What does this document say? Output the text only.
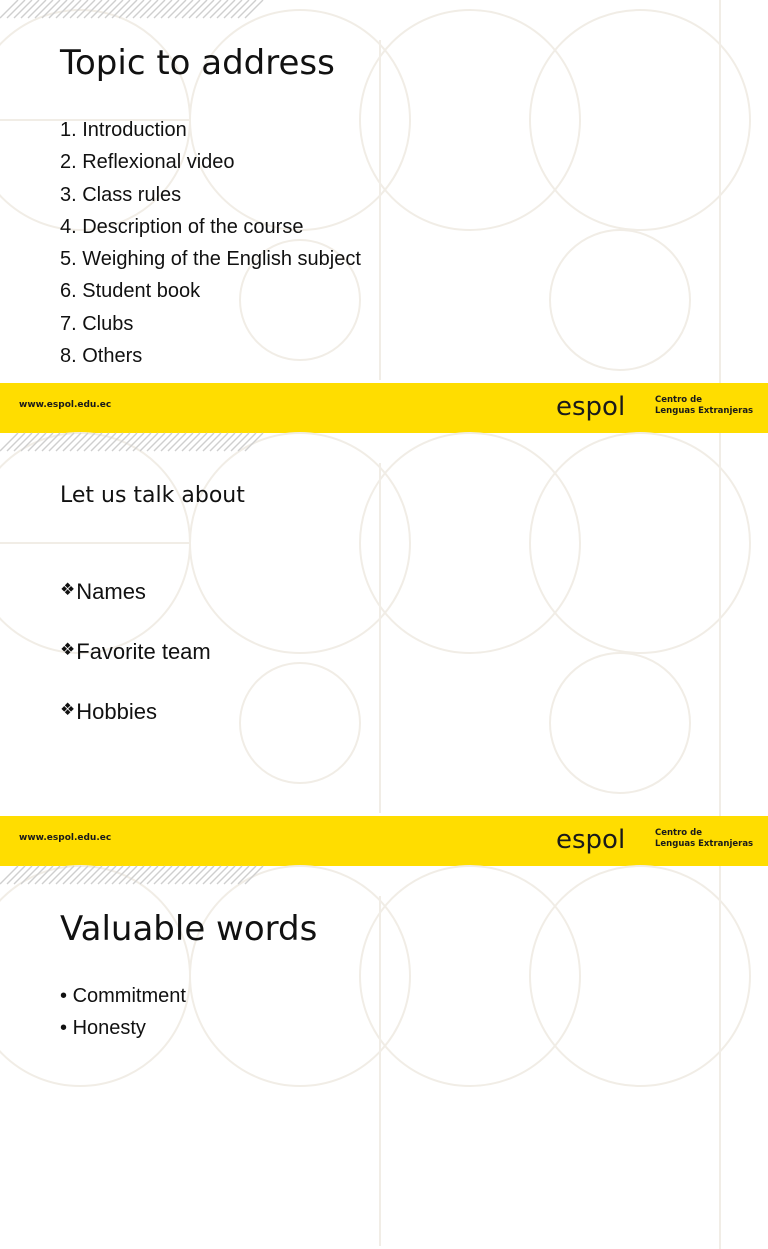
Topic to address
1. Introduction
2. Reflexional video
3. Class rules
4. Description of the course
5. Weighing of the English subject
6. Student book
7. Clubs
8. Others
www.espol.edu.ec	espol	Centro de
Lenguas Extranjeras
Let us talk about
❖Names
❖Favorite team
❖Hobbies
www.espol.edu.ec	espol	Centro de
Lenguas Extranjeras
Valuable words
• Commitment
• Honesty
